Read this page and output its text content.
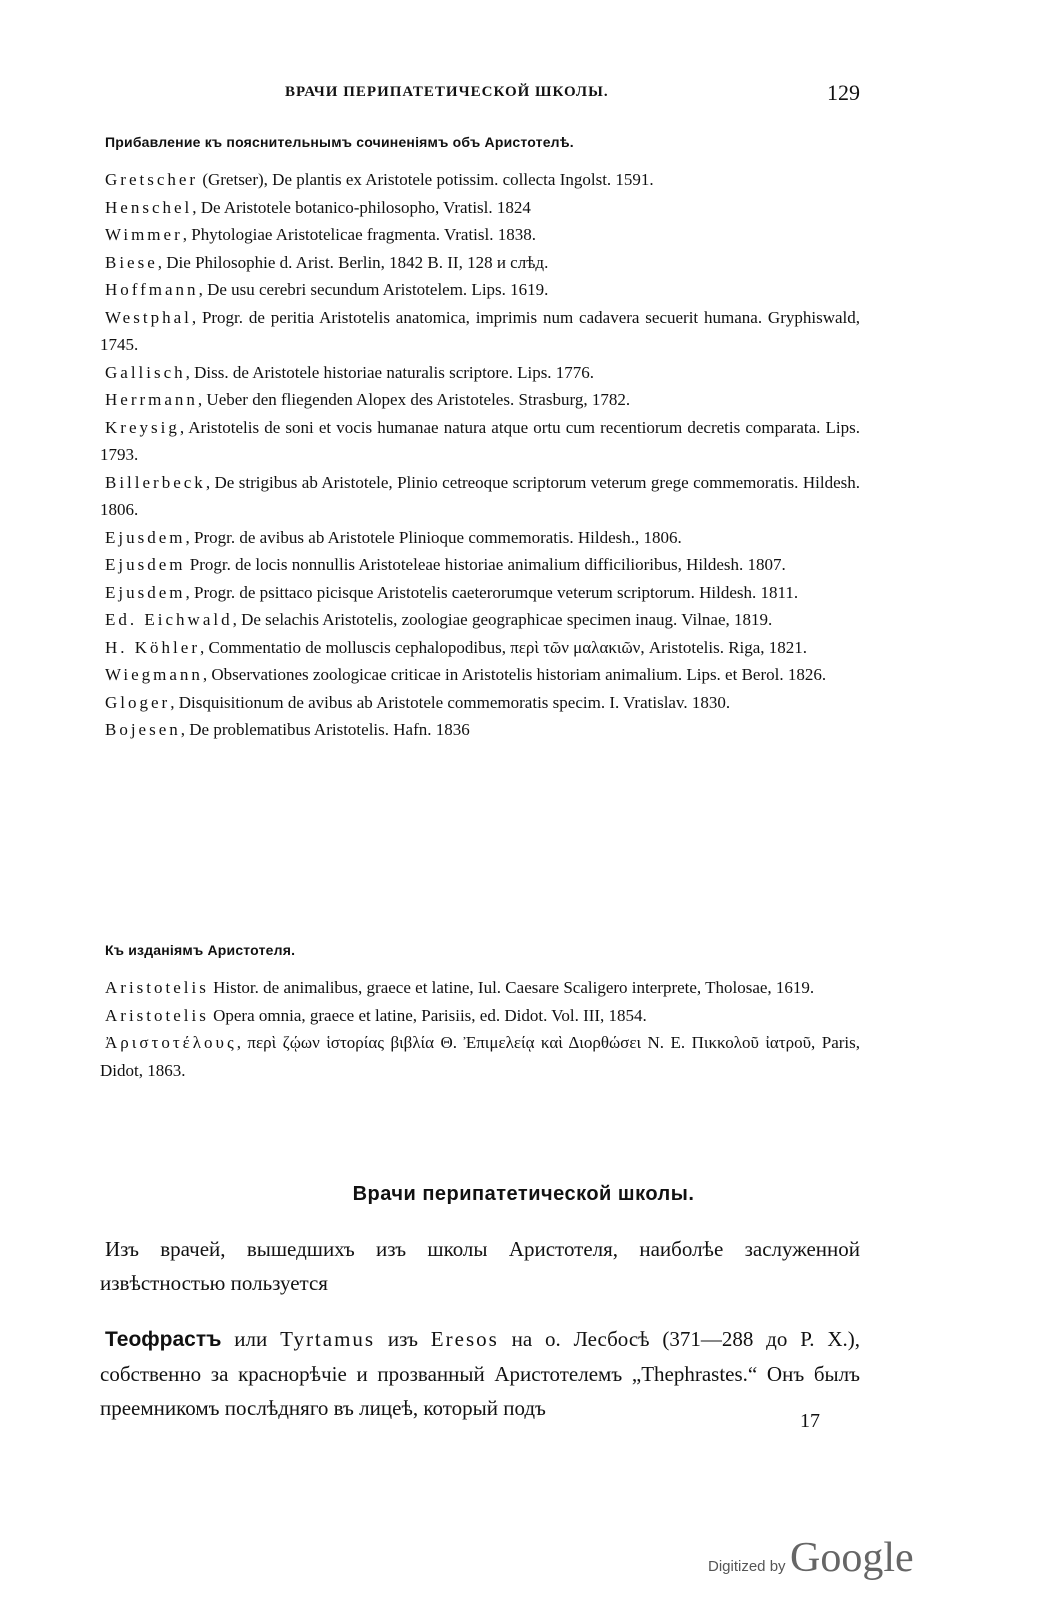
ВРАЧИ ПЕРИПАТЕТИЧЕСКОЙ ШКОЛЫ.	129
Прибавление къ пояснительнымъ сочиненіямъ объ Аристотелѣ.

Gretscher (Gretser), De plantis ex Aristotele potissim. collecta Ingolst. 1591.

Henschel, De Aristotele botanico-philosopho, Vratisl. 1824

Wimmer, Phytologiae Aristotelicae fragmenta. Vratisl. 1838.

Biese, Die Philosophie d. Arist. Berlin, 1842 B. II, 128 и слѣд.

Hoffmann, De usu cerebri secundum Aristotelem. Lips. 1619.

Westphal, Progr. de peritia Aristotelis anatomica, imprimis num cadavera secuerit humana. Gryphiswald, 1745.

Gallisch, Diss. de Aristotele historiae naturalis scriptore. Lips. 1776.

Herrmann, Ueber den fliegenden Alopex des Aristoteles. Strasburg, 1782.

Kreysig, Aristotelis de soni et vocis humanae natura atque ortu cum recentiorum decretis comparata. Lips. 1793.

Billerbeck, De strigibus ab Aristotele, Plinio cetreoque scriptorum veterum grege commemoratis. Hildesh. 1806.

Ejusdem, Progr. de avibus ab Aristotele Plinioque commemoratis. Hildesh., 1806.

Ejusdem Progr. de locis nonnullis Aristoteleae historiae animalium difficilioribus, Hildesh. 1807.

Ejusdem, Progr. de psittaco picisque Aristotelis caeterorumque veterum scriptorum. Hildesh. 1811.

Ed. Eichwald, De selachis Aristotelis, zoologiae geographicae specimen inaug. Vilnae, 1819.

H. Köhler, Commentatio de molluscis cephalopodibus, περὶ τῶν μαλακιῶν, Aristotelis. Riga, 1821.

Wiegmann, Observationes zoologicae criticae in Aristotelis historiam animalium. Lips. et Berol. 1826.

Gloger, Disquisitionum de avibus ab Aristotele commemoratis specim. I. Vratislav. 1830.

Bojesen, De problematibus Aristotelis. Hafn. 1836

Къ изданіямъ Аристотеля.

Aristotelis Histor. de animalibus, graece et latine, Iul. Caesare Scaligero interprete, Tholosae, 1619.

Aristotelis Opera omnia, graece et latine, Parisiis, ed. Didot. Vol. III, 1854.

Ἀριστοτέλους, περὶ ζῴων ἱστορίας βιβλία Θ. Ἐπιμελείᾳ καὶ Διορθώσει N. E. Πικκολοῦ ἰατροῦ, Paris, Didot, 1863.

Врачи перипатетической школы.

Изъ врачей, вышедшихъ изъ школы Аристотеля, наиболѣе заслуженной извѣстностью пользуется

Теофрастъ или Tyrtamus изъ Eresos на о. Лесбосѣ (371—288 до Р. Х.), собственно за краснорѣчіе и прозванный Аристотелемъ „Thephrastes.“ Онъ былъ преемникомъ послѣдняго въ лицеѣ, который подъ

17
Digitized by Google
